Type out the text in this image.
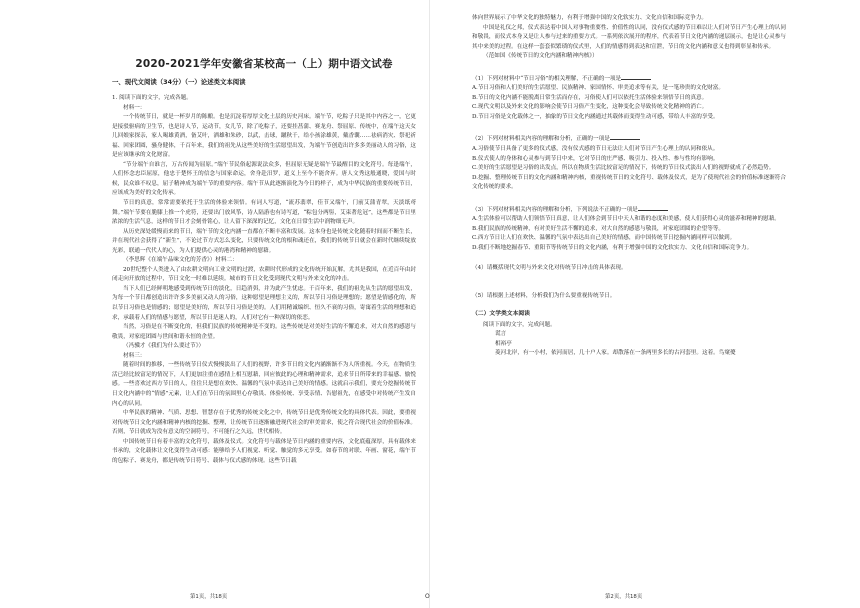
2020-2021学年安徽省某校高一（上）期中语文试卷
一、现代文阅读（34分）（一）论述类文本阅读

1. 阅读下面的文字，完成各题。

材料一：

一个传统节日，就是一杯岁月的陈酿。也是沉淀着厚厚文化土层的历史河床。端午节，吃粽子只是其中内容之一，它更是接驳驱病的卫生节，也是诗人节，运动节，女儿节，除了吃粽子，还要挂菖蒲、赛龙舟、祭屈原、传统中，在端午这天女儿回娘家探亲，家人喝雄黄酒，备艾叶，洒雄和朱砂，以武，击球，蹴秋千，给小孩涂雄黄，戴香囊……祛病消灾、祭祀祈福、回家团圆，骚身健体，千百年来，我们的祖先从这些美好的生活愿望出发，为端午节创造出许多多美丽动人的习俗，这是应该继承的文化财富。

“节分端午自谁言，万古传闻为屈原。”端午节民俗起源说法众多，但屈原无疑是端午节最醒目的文化符号。每逢端午，人们怀念忠臣屈原，他忠于楚怀王的信念与国家命运，舍身赴汨罗，道义上至今不能舍弃。唐人文秀这般通晓，爱国与时候，民众谁不叹息，屈子精神成为端午节的重要内容。端午节从此逐渐演化为今日的样子，成为中华民族的重要传统节日，应该成为美好的文化传承。

节日的真意，常常需要依托于生活的体验来领悟。有词人写道，“流苏翡翠，佳节又端午，门前艾蒲青翠，天淡纸鸢舞。”端午节要在脆膝上推一个虎符，还要出门放风筝，诗人陆游也有诗写道，“粽包分两髻，艾束著危冠”，这些都是节日里浓浓的生活气息，这样的节日才会刻骨铭心，让人留下深深的记忆，文化在日常生活中润物细无声。

从历史深处缓慢而来的节日，端午节的文化内涵一直都在不断丰富和发展。这本身也是传统文化随着时间而不断生长，并在现代社会获得了“新生”，不论过节方式怎么变化，只要传统文化的根和魂还在，我们的传统节日就会在新时代继续绽放光彩，联通一代代人的心，为人们提供心灵的港湾和精神的慰藉。

（李思辉《在端午品味文化的芳香》）材料二：

20世纪整个人类进入了由农耕文明向工业文明的过渡，农耕时代形成的文化传统开始瓦解，尤其是我国，在近百年由封闭走向开放的过程中，节日文化一时难以延续。城市的节日文化受到现代文明与外来文化的冲击。

当下人们已经鲜明地感受到传统节日的淡化，日趋消弭，并为此产生忧虑。千百年来，我们的祖先从生活的愿望出发，为每一个节日都创造出许许多多美丽又动人的习俗，这种愿望是理想主义的，所以节日习俗是理想的；愿望是情感化的，所以节日习俗也是情感的；愿望是美好的，所以节日习俗是美的。人们用精诚编织、恒久不衰的习俗，寄寓着生活的理想和追求，承载着人们的情感与愿望，所以节日是迷人的，人们对它有一种深切的依恋。

当然，习俗是在不断变化的，但我们民族的传统精神是不变的。这些传统是对美好生活的不懈追求，对大自然的感恩与敬畏，对家庭团圆与世间和谐永恒的企望。

（冯骥才《我们为什么要过节》）

材料三：

随着时间的推移，一些传统节日仪式慢慢淡出了人们的视野，许多节日的文化内涵渐渐不为人所重视。今天，在物质生活已经比较富足的情况下，人们更加注重在感情上相互慰藉，回应彼此的心理和精神需求，追求节日所带来的幸福感、愉悦感。一些喜欢过西方节日的人，往往只是想在欢快、温馨的气氛中表达自己美好的情感。这就启示我们，要充分挖掘传统节日文化内涵中的“情感”元素，让人们在节日的氛围里心存敬畏、体验传统、享受亲情、告慰祖先，在感受中对传统产生发自内心的认同。

中华民族的精神、气质、思想、智慧存在于优秀的传统文化之中，传统节日是优秀传统文化的具体代表。因此，要重视对传统节日文化内涵和精神内核的挖掘、整理，让传统节日逐渐融进现代社会的审美需求，使之符合现代社会的价值标准。否则，节日就成为没有意义的空洞符号，不可能行之久远，世代相传。

中国传统节日有着丰富的文化符号，载体及仪式。文化符号与载体是节日内涵的重要内容，文化底蕴深厚，具有载体来书承的，文化载体让文化变得生动可感：能够给予人们视觉、听觉、触觉的多元享受。如春节的对联、年画、窗花，端午节的包粽子、赛龙舟，都是传统节日符号、载体与仪式感的体现。这些节日载

体向世界展示了中华文化的独特魅力，有利于增强中国的文化软实力、文化自信和国际竞争力。

中国是礼仪之邦，仪式表达着中国人对事物重要性、价值性的认同，没有仪式感的节日难以让人们对节日产生心理上的认同和敬畏，而仪式本身又是让人参与过来的重要方式。一系列依次展开的程序，代表着节日文化内涵的递层展示，也是让心灵参与其中来美的过程。在这样一套套似繁琐的仪式里，人们的情感得到表达和宣泄，节日的文化内涵和意义也得到彰显和传承。

（范如国《传统节日的文化内涵和精神内核》）

（1）下列对材料中“节日习俗”的相关理解，不正确的一项是

A.节日习俗和人们美好的生活愿望、民族精神、家国情怀、审美追求等有关，是一笔珍贵的文化财富。

B.节日的文化内涵不能脱离日常生活而存在，习俗使人们可以依托生活体验来领悟节日的真意。

C.现代文明以及外来文化的影响会使节日习俗产生变化，这种变化会导致传统文化精神的消亡。

D.节日习俗是文化载体之一，抽象的节日文化内涵通过其载体而变得生动可感，带给人丰富的享受。

（2）下列对材料相关内容的理解和分析，正确的一项是

A.习俗使节日具备了更多的仪式感，没有仪式感的节日无法让人们对节日产生心理上的认同和依从。

B.仪式使人的身体和心灵参与到节日中来，它对节日的庄严感、吸引力、投入性、参与性均有影响。

C.美好的生活愿望是习俗的出发点，所以在物质生活比较富足的情况下，传统的节日仪式淡出人们的视野就成了必然趋势。

D.挖掘、整理传统节日的文化内涵和精神内核，重视传统节日的文化符号、载体及仪式，是为了使现代社会的价值标准逐渐符合文化传统的要求。

（3）下列对材料相关内容的理解和分析，下列说法不正确的一项是

A.生活体验可以帮助人们领悟节日真意，让人们体会到节日中天人和谐的态度和美感，使人们获得心灵的滋养和精神的慰藉。

B.我们民族的传统精神，有对美好生活不懈的追求，对大自然的感恩与敬畏，对家庭团圆的企望等等。

C.西方节日让人们在欢快、温馨的气氛中表达出自己美好的情感，而中国传统节日挖掘内涵同样可以做到。

D.我们不断地挖掘春节、重阳节等传统节日的文化内涵，有利于增强中国的文化软实力、文化自信和国际竞争力。

（4）请概括现代文明与外来文化对传统节日冲击的具体表现。

（5）请根据上述材料，分析我们为什么要重视传统节日。

（二）文学类文本阅读

阅读下面的文字，完成问题。

谎言

相裕亭

菱河北岸，有一小村，依河而居，几十户人家。却散落在一条两里多长的古河套里。这着。鸟窠薆

第1页，共18页	O	第2页，共18页
